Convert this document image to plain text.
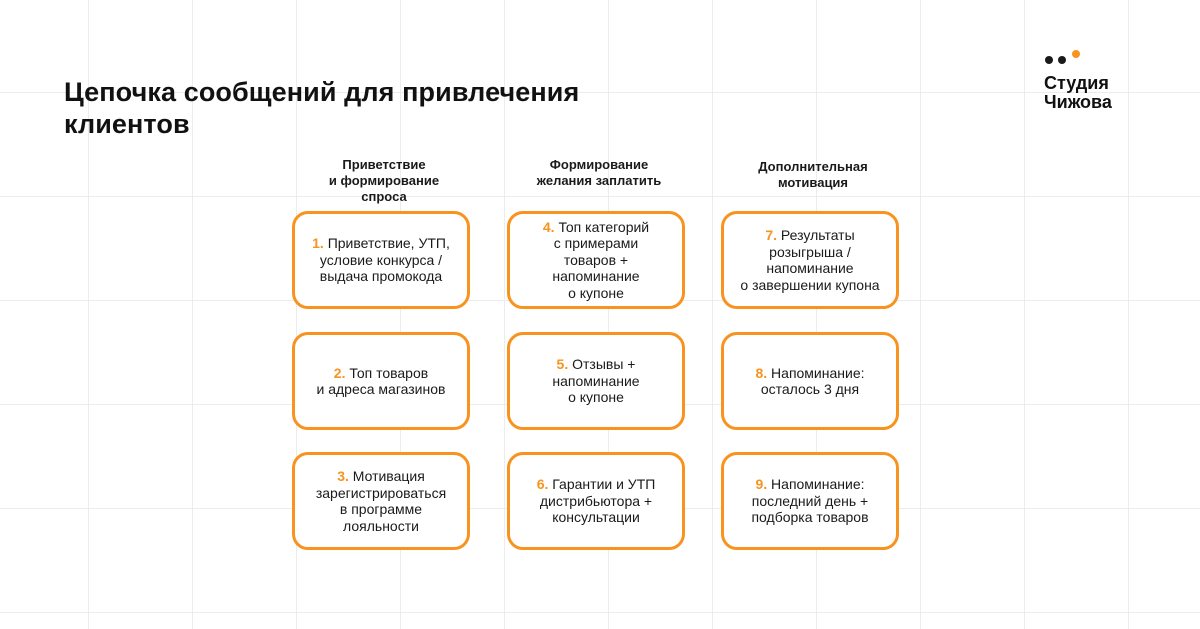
Цепочка сообщений для привлечения клиентов
Студия
Чижова
Приветствие
и формирование
спроса
Формирование
желания заплатить
Дополнительная
мотивация
1. Приветствие, УТП,
условие конкурса /
выдача промокода
2. Топ товаров
и адреса магазинов
3. Мотивация
зарегистрироваться
в программе
лояльности
4. Топ категорий
с примерами
товаров +
напоминание
о купоне
5. Отзывы +
напоминание
о купоне
6. Гарантии и УТП
дистрибьютора +
консультации
7. Результаты
розыгрыша /
напоминание
о завершении купона
8. Напоминание:
осталось 3 дня
9. Напоминание:
последний день +
подборка товаров
